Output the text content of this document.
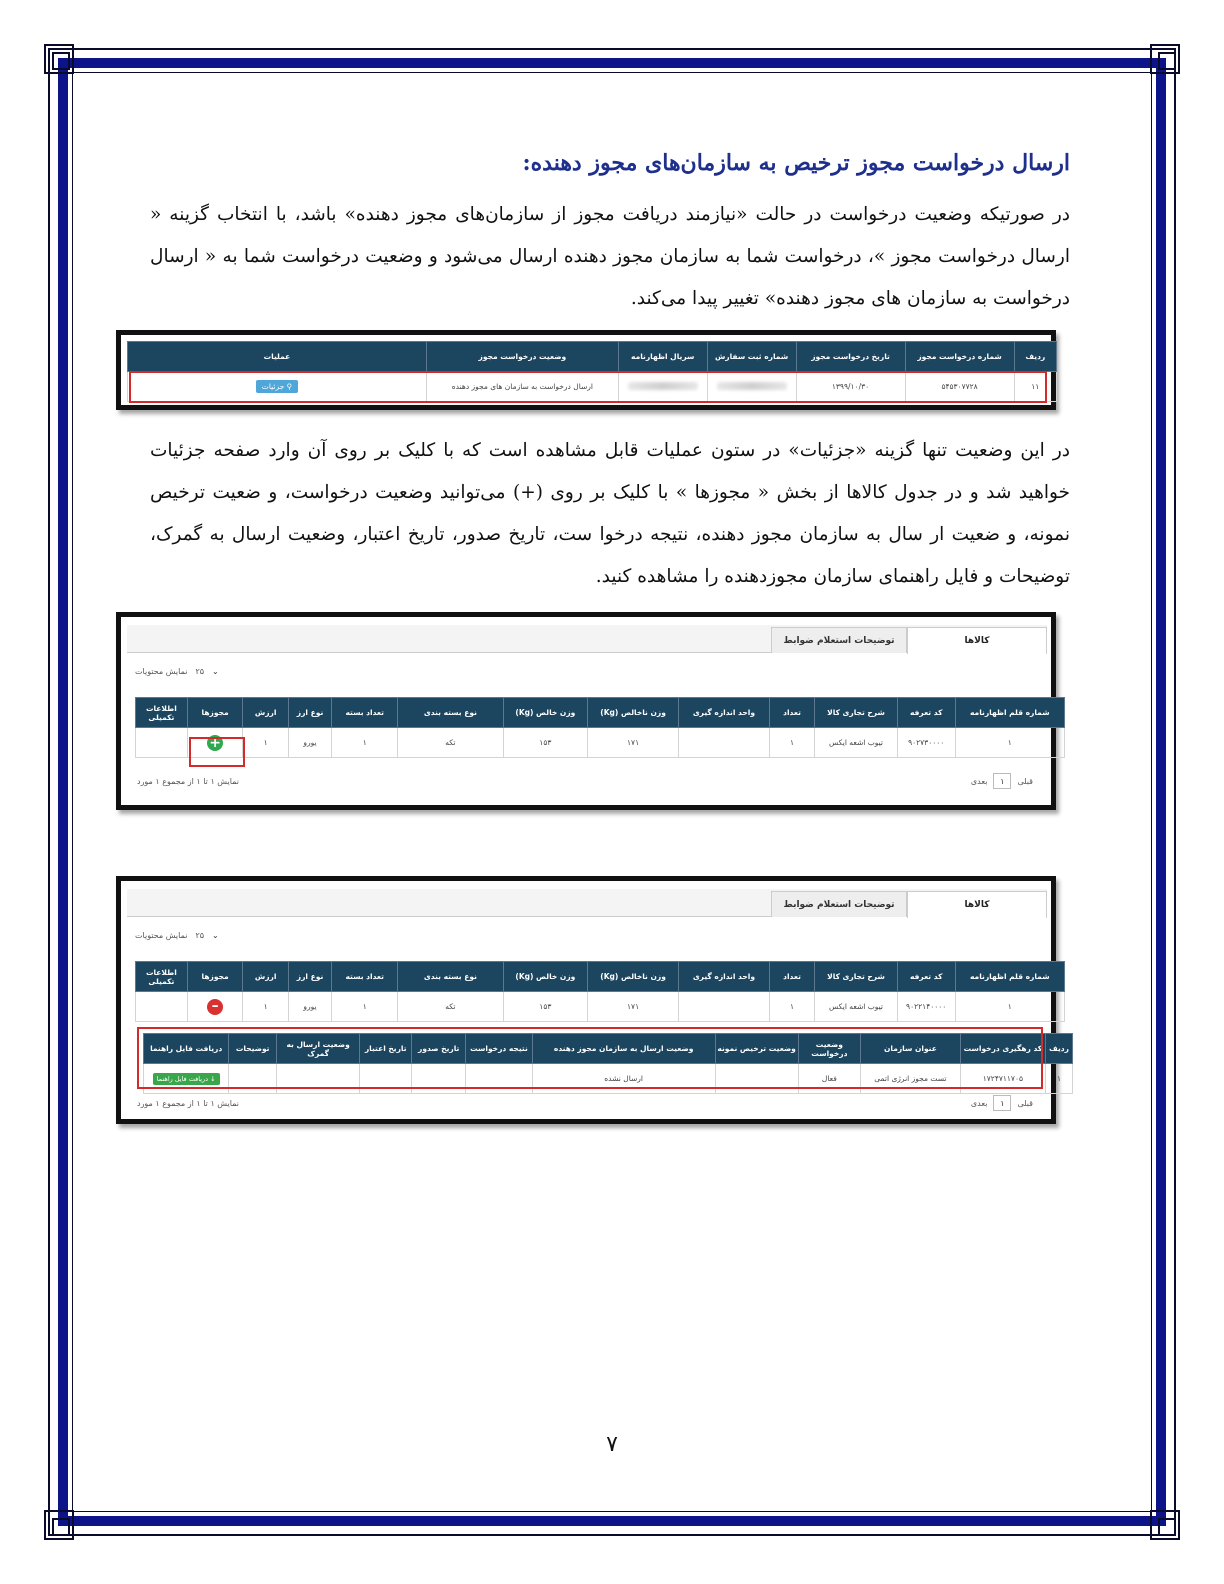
ارسال درخواست مجوز ترخیص به سازمان‌های مجوز دهنده:

در صورتیکه وضعیت درخواست در حالت «نیازمند دریافت مجوز از سازمان‌های مجوز دهنده» باشد، با انتخاب گزینه « ارسال درخواست مجوز »، درخواست شما به سازمان مجوز دهنده ارسال می‌شود و وضعیت درخواست شما به « ارسال درخواست به سازمان های مجوز دهنده» تغییر پیدا می‌کند.

ردیف	شماره درخواست مجوز	تاریخ درخواست مجوز	شماره ثبت سفارش	سریال اظهارنامه	وضعیت درخواست مجوز	عملیات
۱۱	۵۴۵۳۰۷۷۲۸	۱۳۹۹/۱۰/۳۰			ارسال درخواست به سازمان های مجوز دهنده	⚲ جزئیات

در این وضعیت تنها گزینه «جزئیات» در ستون عملیات قابل مشاهده است که با کلیک بر روی آن وارد صفحه جزئیات خواهید شد و در جدول کالاها از بخش « مجوزها » با کلیک بر روی (+) می‌توانید وضعیت درخواست، و ضعیت ترخیص نمونه، و ضعیت ار سال به سازمان مجوز دهنده، نتیجه درخوا ست، تاریخ صدور، تاریخ اعتبار، وضعیت ارسال به گمرک، توضیحات و فایل راهنمای سازمان مجوزدهنده را مشاهده کنید.

کالاها
توضیحات استعلام ضوابط
⌄
۲۵
نمایش محتویات
شماره قلم اظهارنامه	کد تعرفه	شرح تجاری کالا	تعداد	واحد اندازه گیری	وزن ناخالص (Kg)	وزن خالص (Kg)	نوع بسته بندی	تعداد بسته	نوع ارز	ارزش	مجوزها	اطلاعات تکمیلی
۱	۹۰۲۷۳۰۰۰۰	تیوب اشعه ایکس	۱		۱۷۱	۱۵۳	تکه	۱	یورو	۱	+	
نمایش ۱ تا ۱ از مجموع ۱ مورد	قبلی
۱
بعدی
کالاها
توضیحات استعلام ضوابط
⌄
۲۵
نمایش محتویات
شماره قلم اظهارنامه	کد تعرفه	شرح تجاری کالا	تعداد	واحد اندازه گیری	وزن ناخالص (Kg)	وزن خالص (Kg)	نوع بسته بندی	تعداد بسته	نوع ارز	ارزش	مجوزها	اطلاعات تکمیلی
۱	۹۰۲۲۱۴۰۰۰۰	تیوب اشعه ایکس	۱		۱۷۱	۱۵۳	تکه	۱	یورو	۱	–	
ردیف	کد رهگیری درخواست	عنوان سازمان	وضعیت درخواست	وضعیت ترخیص نمونه	وضعیت ارسال به سازمان مجوز دهنده	نتیجه درخواست	تاریخ صدور	تاریخ اعتبار	وضعیت ارسال به گمرک	توضیحات	دریافت فایل راهنما
۱	۱۷۲۴۷۱۱۷۰۵	تست مجوز انرژی اتمی	فعال		ارسال نشده						↓ دریافت فایل راهنما
نمایش ۱ تا ۱ از مجموع ۱ مورد	قبلی
۱
بعدی
۷
